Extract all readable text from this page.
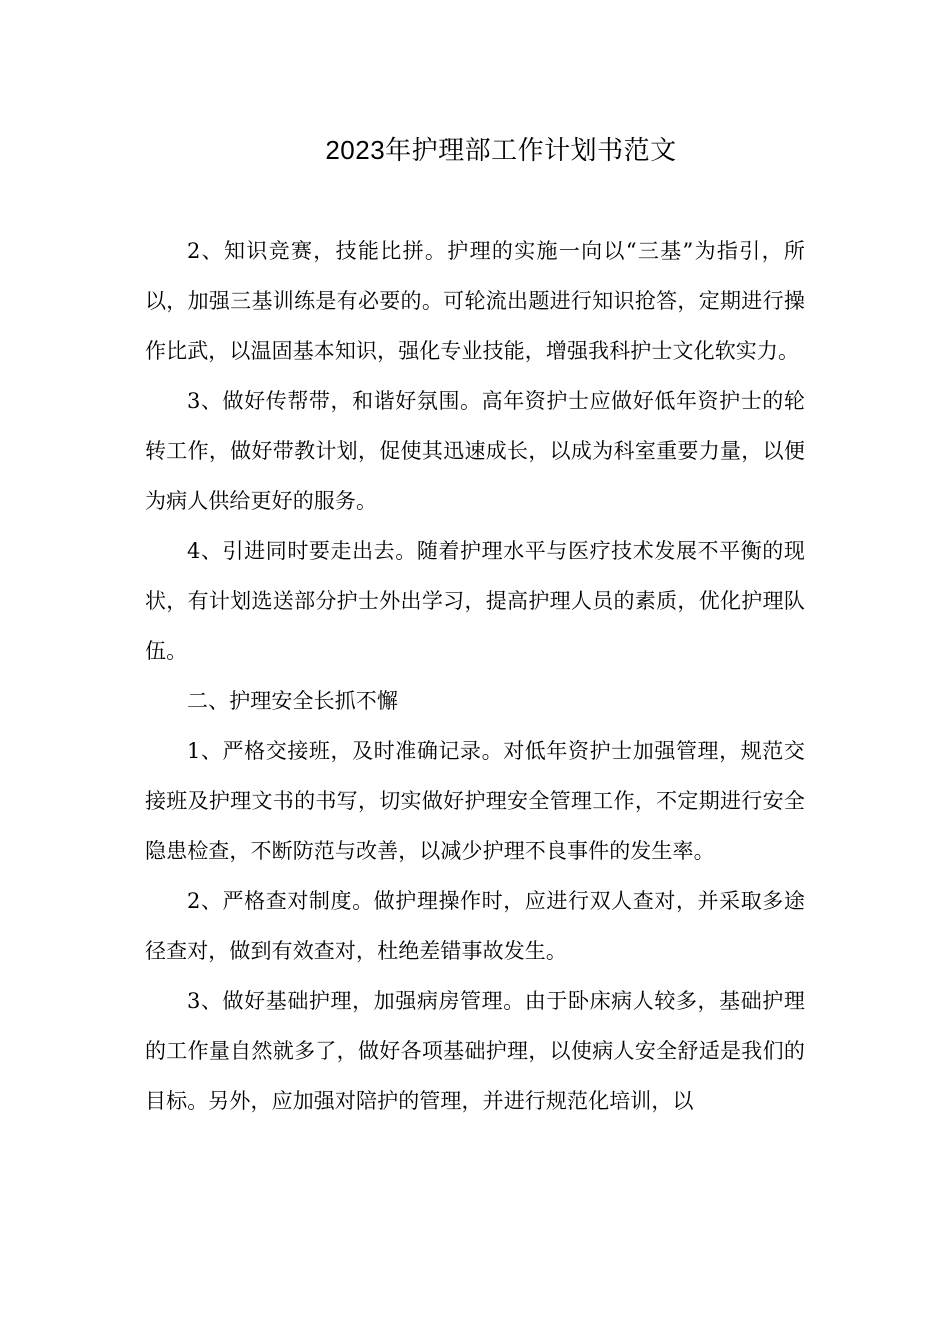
2023年护理部工作计划书范文

2、知识竞赛，技能比拼。护理的实施一向以“三基”为指引，所以，加强三基训练是有必要的。可轮流出题进行知识抢答，定期进行操作比武，以温固基本知识，强化专业技能，增强我科护士文化软实力。

3、做好传帮带，和谐好氛围。高年资护士应做好低年资护士的轮转工作，做好带教计划，促使其迅速成长，以成为科室重要力量，以便为病人供给更好的服务。

4、引进同时要走出去。随着护理水平与医疗技术发展不平衡的现状，有计划选送部分护士外出学习，提高护理人员的素质，优化护理队伍。

二、护理安全长抓不懈

1、严格交接班，及时准确记录。对低年资护士加强管理，规范交接班及护理文书的书写，切实做好护理安全管理工作，不定期进行安全隐患检查，不断防范与改善，以减少护理不良事件的发生率。

2、严格查对制度。做护理操作时，应进行双人查对，并采取多途径查对，做到有效查对，杜绝差错事故发生。

3、做好基础护理，加强病房管理。由于卧床病人较多，基础护理的工作量自然就多了，做好各项基础护理，以使病人安全舒适是我们的目标。另外，应加强对陪护的管理，并进行规范化培训，以
